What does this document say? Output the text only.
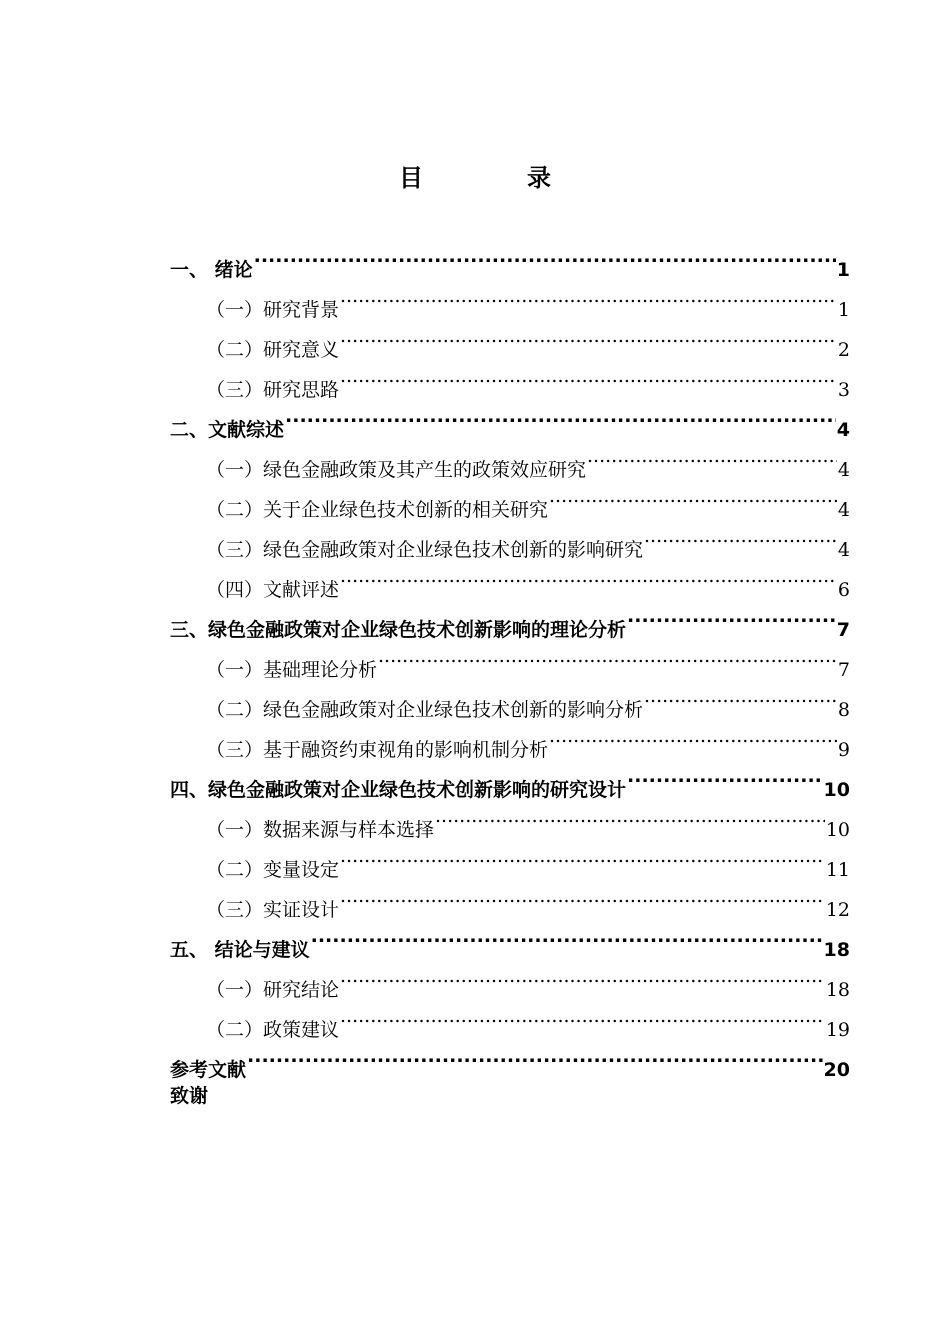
目　录
一、 绪论 .....	1
（一）研究背景 .....	1
（二）研究意义 .....	2
（三）研究思路 .....	3
二、文献综述 .....	4
（一）绿色金融政策及其产生的政策效应研究 .....	4
（二）关于企业绿色技术创新的相关研究 .....	4
（三）绿色金融政策对企业绿色技术创新的影响研究 .....	4
（四）文献评述 .....	6
三、绿色金融政策对企业绿色技术创新影响的理论分析 .....	7
（一）基础理论分析 .....	7
（二）绿色金融政策对企业绿色技术创新的影响分析 .....	8
（三）基于融资约束视角的影响机制分析 .....	9
四、绿色金融政策对企业绿色技术创新影响的研究设计 .....	10
（一）数据来源与样本选择 .....	10
（二）变量设定 .....	11
（三）实证设计 .....	12
五、 结论与建议 .....	18
（一）研究结论 .....	18
（二）政策建议 .....	19
参考文献 .....	20
致谢
